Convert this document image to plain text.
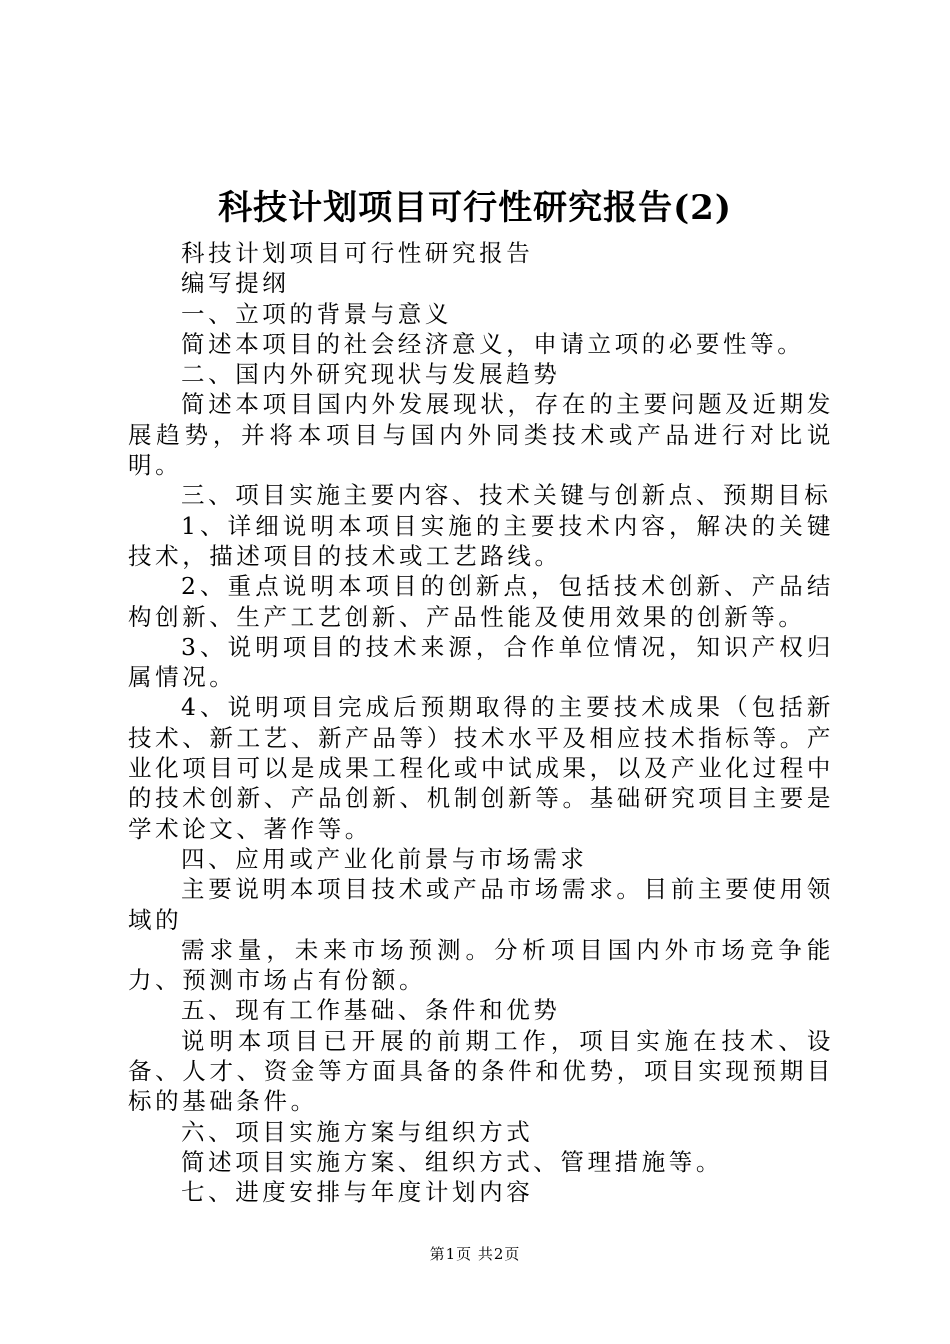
科技计划项目可行性研究报告(2)

科技计划项目可行性研究报告

编写提纲

一、立项的背景与意义

简述本项目的社会经济意义，申请立项的必要性等。

二、国内外研究现状与发展趋势

简述本项目国内外发展现状，存在的主要问题及近期发展趋势，并将本项目与国内外同类技术或产品进行对比说明。

三、项目实施主要内容、技术关键与创新点、预期目标

1、详细说明本项目实施的主要技术内容，解决的关键技术，描述项目的技术或工艺路线。

2、重点说明本项目的创新点，包括技术创新、产品结构创新、生产工艺创新、产品性能及使用效果的创新等。

3、说明项目的技术来源，合作单位情况，知识产权归属情况。

4、说明项目完成后预期取得的主要技术成果（包括新技术、新工艺、新产品等）技术水平及相应技术指标等。产业化项目可以是成果工程化或中试成果，以及产业化过程中的技术创新、产品创新、机制创新等。基础研究项目主要是学术论文、著作等。

四、应用或产业化前景与市场需求

主要说明本项目技术或产品市场需求。目前主要使用领域的

需求量，未来市场预测。分析项目国内外市场竞争能力、预测市场占有份额。

五、现有工作基础、条件和优势

说明本项目已开展的前期工作，项目实施在技术、设备、人才、资金等方面具备的条件和优势，项目实现预期目标的基础条件。

六、项目实施方案与组织方式

简述项目实施方案、组织方式、管理措施等。

七、进度安排与年度计划内容

第1页 共2页
